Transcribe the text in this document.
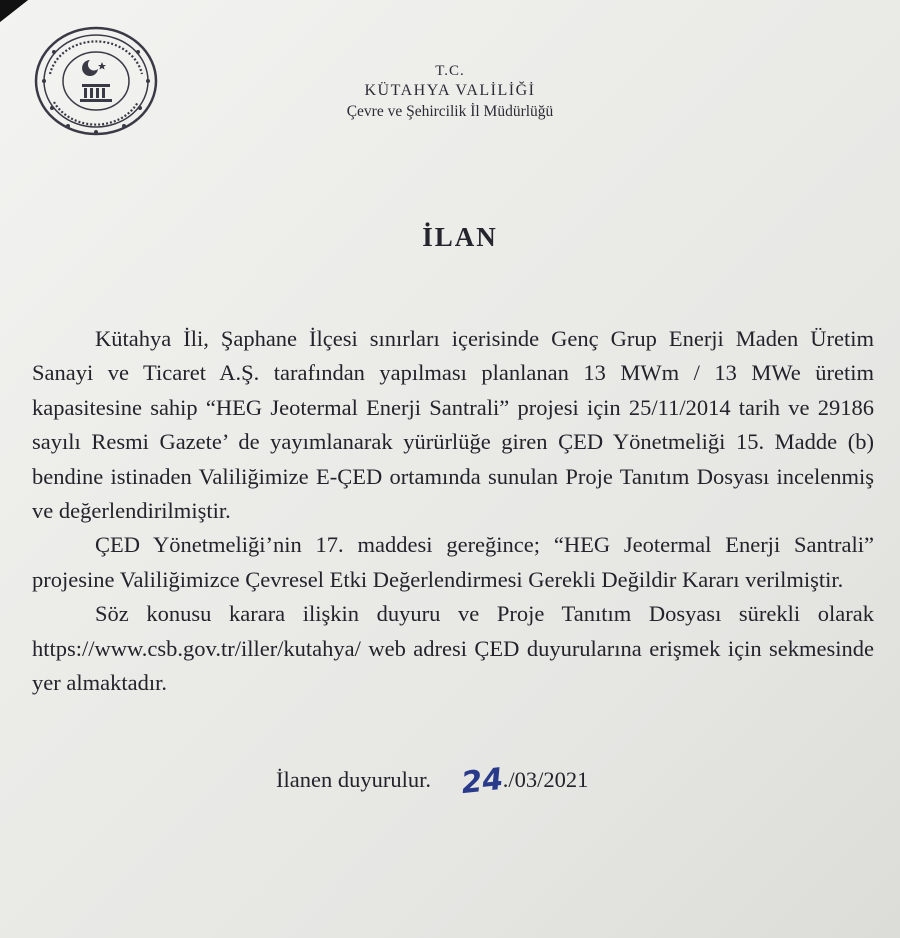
T.C.
KÜTAHYA VALİLİĞİ
Çevre ve Şehircilik İl Müdürlüğü
İLAN

Kütahya İli, Şaphane İlçesi sınırları içerisinde Genç Grup Enerji Maden Üretim Sanayi ve Ticaret A.Ş. tarafından yapılması planlanan 13 MWm / 13 MWe üretim kapasitesine sahip “HEG Jeotermal Enerji Santrali” projesi için 25/11/2014 tarih ve 29186 sayılı Resmi Gazete’ de yayımlanarak yürürlüğe giren ÇED Yönetmeliği 15. Madde (b) bendine istinaden Valiliğimize E-ÇED ortamında sunulan Proje Tanıtım Dosyası incelenmiş ve değerlendirilmiştir.

ÇED Yönetmeliği’nin 17. maddesi gereğince; “HEG Jeotermal Enerji Santrali” projesine Valiliğimizce Çevresel Etki Değerlendirmesi Gerekli Değildir Kararı verilmiştir.

Söz konusu karara ilişkin duyuru ve Proje Tanıtım Dosyası sürekli olarak https://www.csb.gov.tr/iller/kutahya/ web adresi ÇED duyurularına erişmek için sekmesinde yer almaktadır.

İlanen duyurulur. 24./03/2021
